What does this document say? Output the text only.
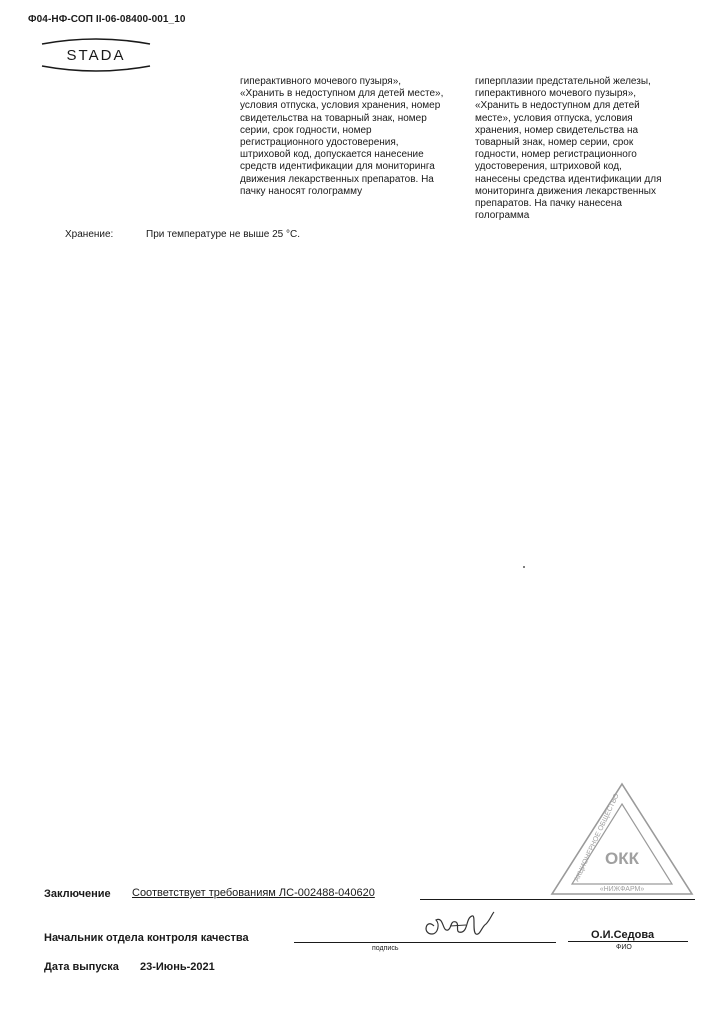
Ф04-НФ-СОП II-06-08400-001_10
STADA
гиперактивного мочевого пузыря»,
«Хранить в недоступном для детей месте»,
условия отпуска, условия хранения, номер
свидетельства на товарный знак, номер
серии, срок годности, номер
регистрационного удостоверения,
штриховой код, допускается нанесение
средств идентификации для мониторинга
движения лекарственных препаратов. На
пачку наносят голограмму
гиперплазии предстательной железы,
гиперактивного мочевого пузыря»,
«Хранить в недоступном для детей
месте», условия отпуска, условия
хранения, номер свидетельства на
товарный знак, номер серии, срок
годности, номер регистрационного
удостоверения, штриховой код,
нанесены средства идентификации для
мониторинга движения лекарственных
препаратов. На пачку нанесена
голограмма
Хранение:	При температуре не выше 25 °С.
ОКК
АКЦИОНЕРНОЕ ОБЩЕСТВО
«НИЖФАРМ»
Заключение Соответствует требованиям ЛС-002488-040620
Начальник отдела контроля качества
подпись
О.И.Седова
ФИО
Дата выпуска 23-Июнь-2021
